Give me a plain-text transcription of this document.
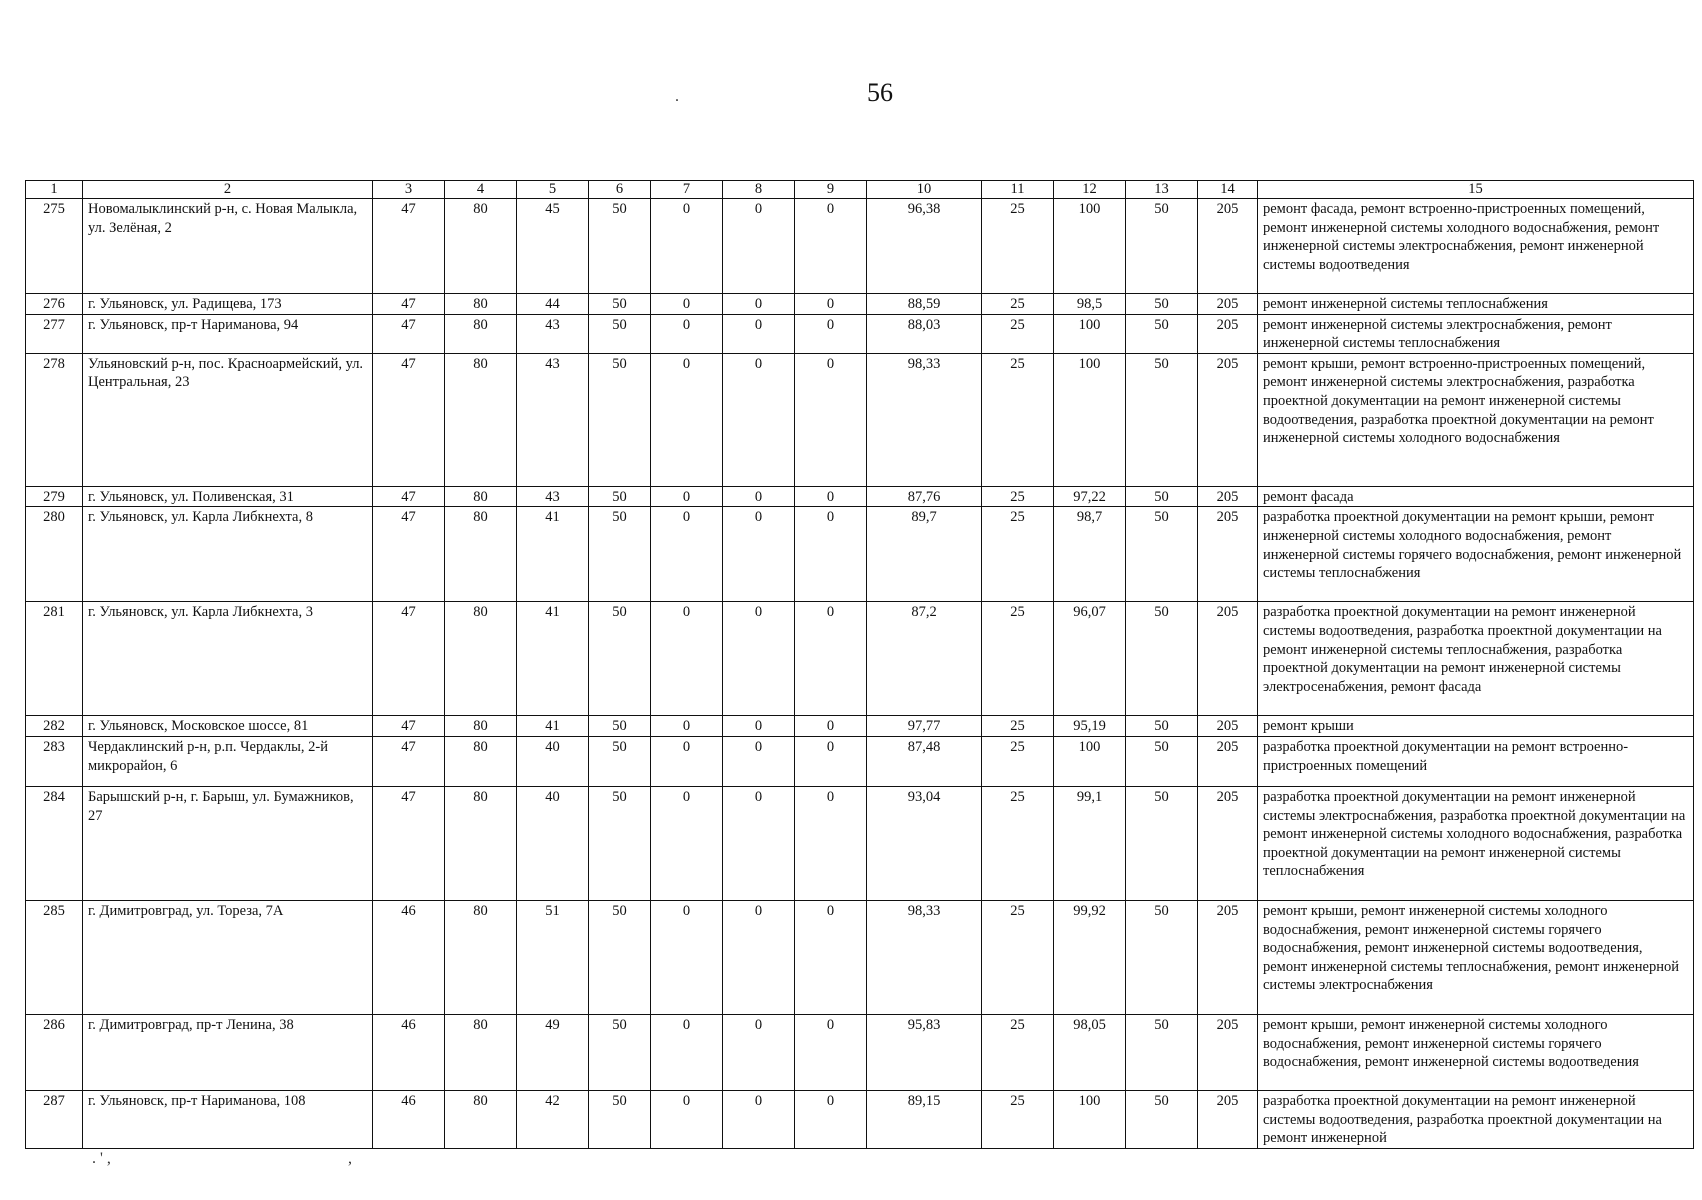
56
.
1	2	3	4	5	6	7	8	9	10	11	12	13	14	15
275	Новомалыклинский р-н, с. Новая Малыкла, ул. Зелёная, 2	47	80	45	50	0	0	0	96,38	25	100	50	205	ремонт фасада, ремонт встроенно-пристроенных помещений, ремонт инженерной системы холодного водоснабжения, ремонт инженерной системы электроснабжения, ремонт инженерной системы водоотведения
276	г. Ульяновск, ул. Радищева, 173	47	80	44	50	0	0	0	88,59	25	98,5	50	205	ремонт инженерной системы теплоснабжения
277	г. Ульяновск, пр-т Нариманова, 94	47	80	43	50	0	0	0	88,03	25	100	50	205	ремонт инженерной системы электроснабжения, ремонт инженерной системы теплоснабжения
278	Ульяновский р-н, пос. Красноармейский, ул. Центральная, 23	47	80	43	50	0	0	0	98,33	25	100	50	205	ремонт крыши, ремонт встроенно-пристроенных помещений, ремонт инженерной системы электроснабжения, разработка проектной документации на ремонт инженерной системы водоотведения, разработка проектной документации на ремонт инженерной системы холодного водоснабжения
279	г. Ульяновск, ул. Поливенская, 31	47	80	43	50	0	0	0	87,76	25	97,22	50	205	ремонт фасада
280	г. Ульяновск, ул. Карла Либкнехта, 8	47	80	41	50	0	0	0	89,7	25	98,7	50	205	разработка проектной документации на ремонт крыши, ремонт инженерной системы холодного водоснабжения, ремонт инженерной системы горячего водоснабжения, ремонт инженерной системы теплоснабжения
281	г. Ульяновск, ул. Карла Либкнехта, 3	47	80	41	50	0	0	0	87,2	25	96,07	50	205	разработка проектной документации на ремонт инженерной системы водоотведения, разработка проектной документации на ремонт инженерной системы теплоснабжения, разработка проектной документации на ремонт инженерной системы электросенабжения, ремонт фасада
282	г. Ульяновск, Московское шоссе, 81	47	80	41	50	0	0	0	97,77	25	95,19	50	205	ремонт крыши
283	Чердаклинский р-н, р.п. Чердаклы, 2-й микрорайон, 6	47	80	40	50	0	0	0	87,48	25	100	50	205	разработка проектной документации на ремонт встроенно-пристроенных помещений
284	Барышский р-н, г. Барыш, ул. Бумажников, 27	47	80	40	50	0	0	0	93,04	25	99,1	50	205	разработка проектной документации на ремонт инженерной системы электроснабжения, разработка проектной документации на ремонт инженерной системы холодного водоснабжения, разработка проектной документации на ремонт инженерной системы теплоснабжения
285	г. Димитровград, ул. Тореза, 7А	46	80	51	50	0	0	0	98,33	25	99,92	50	205	ремонт крыши, ремонт инженерной системы холодного водоснабжения, ремонт инженерной системы горячего водоснабжения, ремонт инженерной системы водоотведения, ремонт инженерной системы теплоснабжения, ремонт инженерной системы электроснабжения
286	г. Димитровград, пр-т Ленина, 38	46	80	49	50	0	0	0	95,83	25	98,05	50	205	ремонт крыши, ремонт инженерной системы холодного водоснабжения, ремонт инженерной системы горячего водоснабжения, ремонт инженерной системы водоотведения
287	г. Ульяновск, пр-т Нариманова, 108	46	80	42	50	0	0	0	89,15	25	100	50	205	разработка проектной документации на ремонт инженерной системы водоотведения, разработка проектной документации на ремонт инженерной
. ' ,	,
